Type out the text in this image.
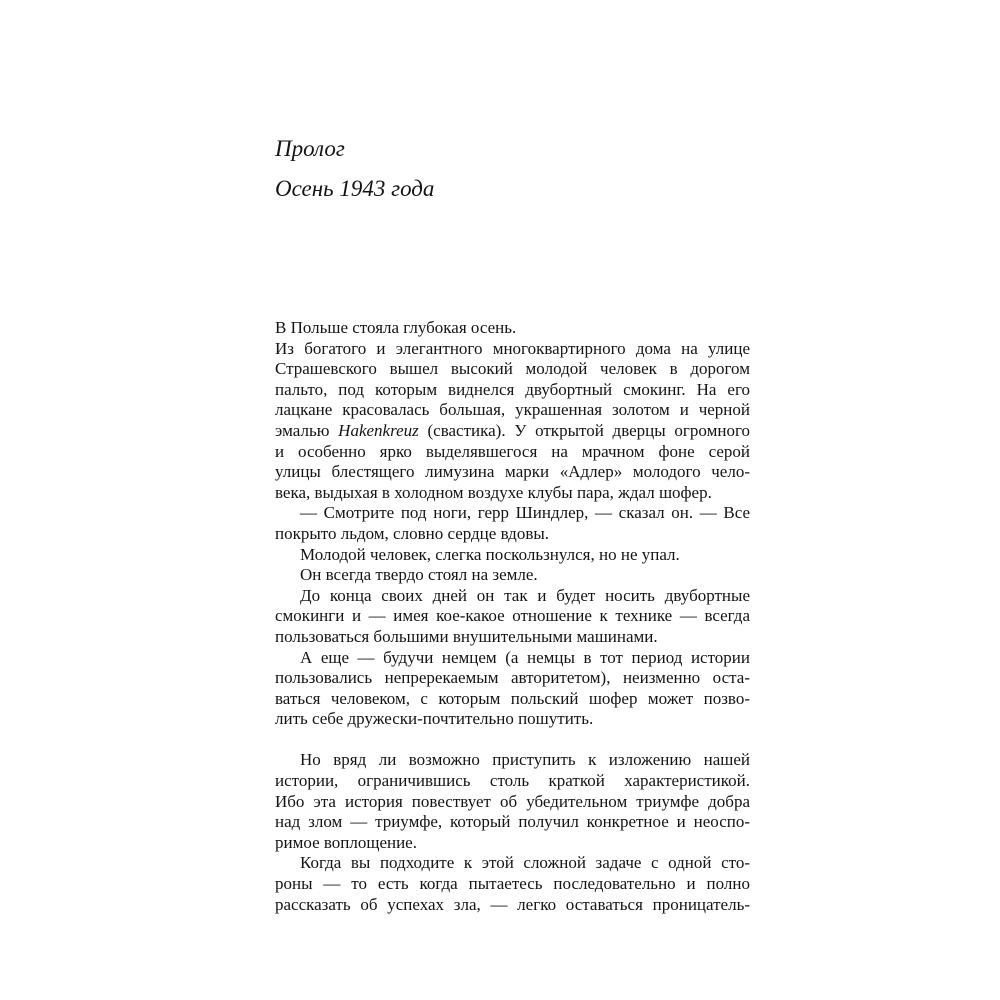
Пролог
Осень 1943 года
В Польше стояла глубокая осень.
Из богатого и элегантного многоквартирного дома на улице
Страшевского вышел высокий молодой человек в дорогом
пальто, под которым виднелся двубортный смокинг. На его
лацкане красовалась большая, украшенная золотом и черной
эмалью Hakenkreuz (свастика). У открытой дверцы огромного
и особенно ярко выделявшегося на мрачном фоне серой
улицы блестящего лимузина марки «Адлер» молодого чело-
века, выдыхая в холодном воздухе клубы пара, ждал шофер.
— Смотрите под ноги, герр Шиндлер, — сказал он. — Все
покрыто льдом, словно сердце вдовы.
Молодой человек, слегка поскользнулся, но не упал.
Он всегда твердо стоял на земле.
До конца своих дней он так и будет носить двубортные
смокинги и — имея кое-какое отношение к технике — всегда
пользоваться большими внушительными машинами.
А еще — будучи немцем (а немцы в тот период истории
пользовались непререкаемым авторитетом), неизменно оста-
ваться человеком, с которым польский шофер может позво-
лить себе дружески-почтительно пошутить.
Но вряд ли возможно приступить к изложению нашей
истории, ограничившись столь краткой характеристикой.
Ибо эта история повествует об убедительном триумфе добра
над злом — триумфе, который получил конкретное и неоспо-
римое воплощение.
Когда вы подходите к этой сложной задаче с одной сто-
роны — то есть когда пытаетесь последовательно и полно
рассказать об успехах зла, — легко оставаться проницатель-
